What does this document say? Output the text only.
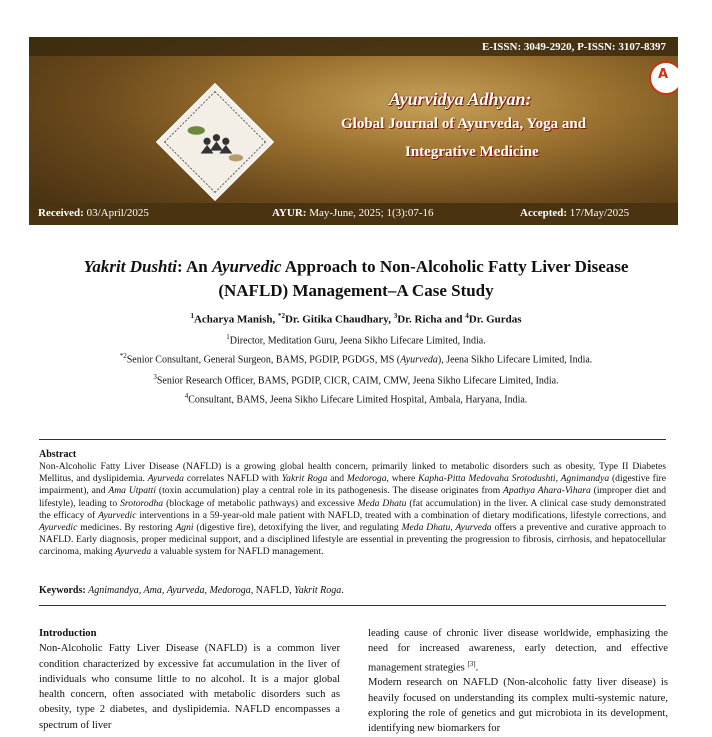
E-ISSN: 3049-2920, P-ISSN: 3107-8397
A
Ayurvidya Adhyan:
Global Journal of Ayurveda, Yoga and
Integrative Medicine
Received: 03/April/2025	AYUR: May-June, 2025; 1(3):07-16	Accepted: 17/May/2025
Yakrit Dushti: An Ayurvedic Approach to Non-Alcoholic Fatty Liver Disease
(NAFLD) Management–A Case Study
$^1$Acharya Manish, $^{*2}$Dr. Gitika Chaudhary, $^3$Dr. Richa and $^4$Dr. Gurdas
$^1$Director, Meditation Guru, Jeena Sikho Lifecare Limited, India.
$^{*2}$Senior Consultant, General Surgeon, BAMS, PGDIP, PGDGS, MS (Ayurveda), Jeena Sikho Lifecare Limited, India.
$^3$Senior Research Officer, BAMS, PGDIP, CICR, CAIM, CMW, Jeena Sikho Lifecare Limited, India.
$^4$Consultant, BAMS, Jeena Sikho Lifecare Limited Hospital, Ambala, Haryana, India.
Abstract
Non-Alcoholic Fatty Liver Disease (NAFLD) is a growing global health concern, primarily linked to metabolic disorders such as obesity, Type II Diabetes Mellitus, and dyslipidemia. Ayurveda correlates NAFLD with Yakrit Roga and Medoroga, where Kapha-Pitta Medovaha Srotodushti, Agnimandya (digestive fire impairment), and Ama Utpatti (toxin accumulation) play a central role in its pathogenesis. The disease originates from Apathya Ahara-Vihara (improper diet and lifestyle), leading to Srotorodha (blockage of metabolic pathways) and excessive Meda Dhatu (fat accumulation) in the liver. A clinical case study demonstrated the efficacy of Ayurvedic interventions in a 59-year-old male patient with NAFLD, treated with a combination of dietary modifications, lifestyle corrections, and Ayurvedic medicines. By restoring Agni (digestive fire), detoxifying the liver, and regulating Meda Dhatu, Ayurveda offers a preventive and curative approach to NAFLD. Early diagnosis, proper medicinal support, and a disciplined lifestyle are essential in preventing the progression to fibrosis, cirrhosis, and hepatocellular carcinoma, making Ayurveda a valuable system for NAFLD management.
Keywords: Agnimandya, Ama, Ayurveda, Medoroga, NAFLD, Yakrit Roga.
Introduction
Non-Alcoholic Fatty Liver Disease (NAFLD) is a common liver condition characterized by excessive fat accumulation in the liver of individuals who consume little to no alcohol. It is a major global health concern, often associated with metabolic disorders such as obesity, type 2 diabetes, and dyslipidemia. NAFLD encompasses a spectrum of liver
leading cause of chronic liver disease worldwide, emphasizing the need for increased awareness, early detection, and effective management strategies [3].
Modern research on NAFLD (Non-alcoholic fatty liver disease) is heavily focused on understanding its complex multi-systemic nature, exploring the role of genetics and gut microbiota in its development, identifying new biomarkers for
